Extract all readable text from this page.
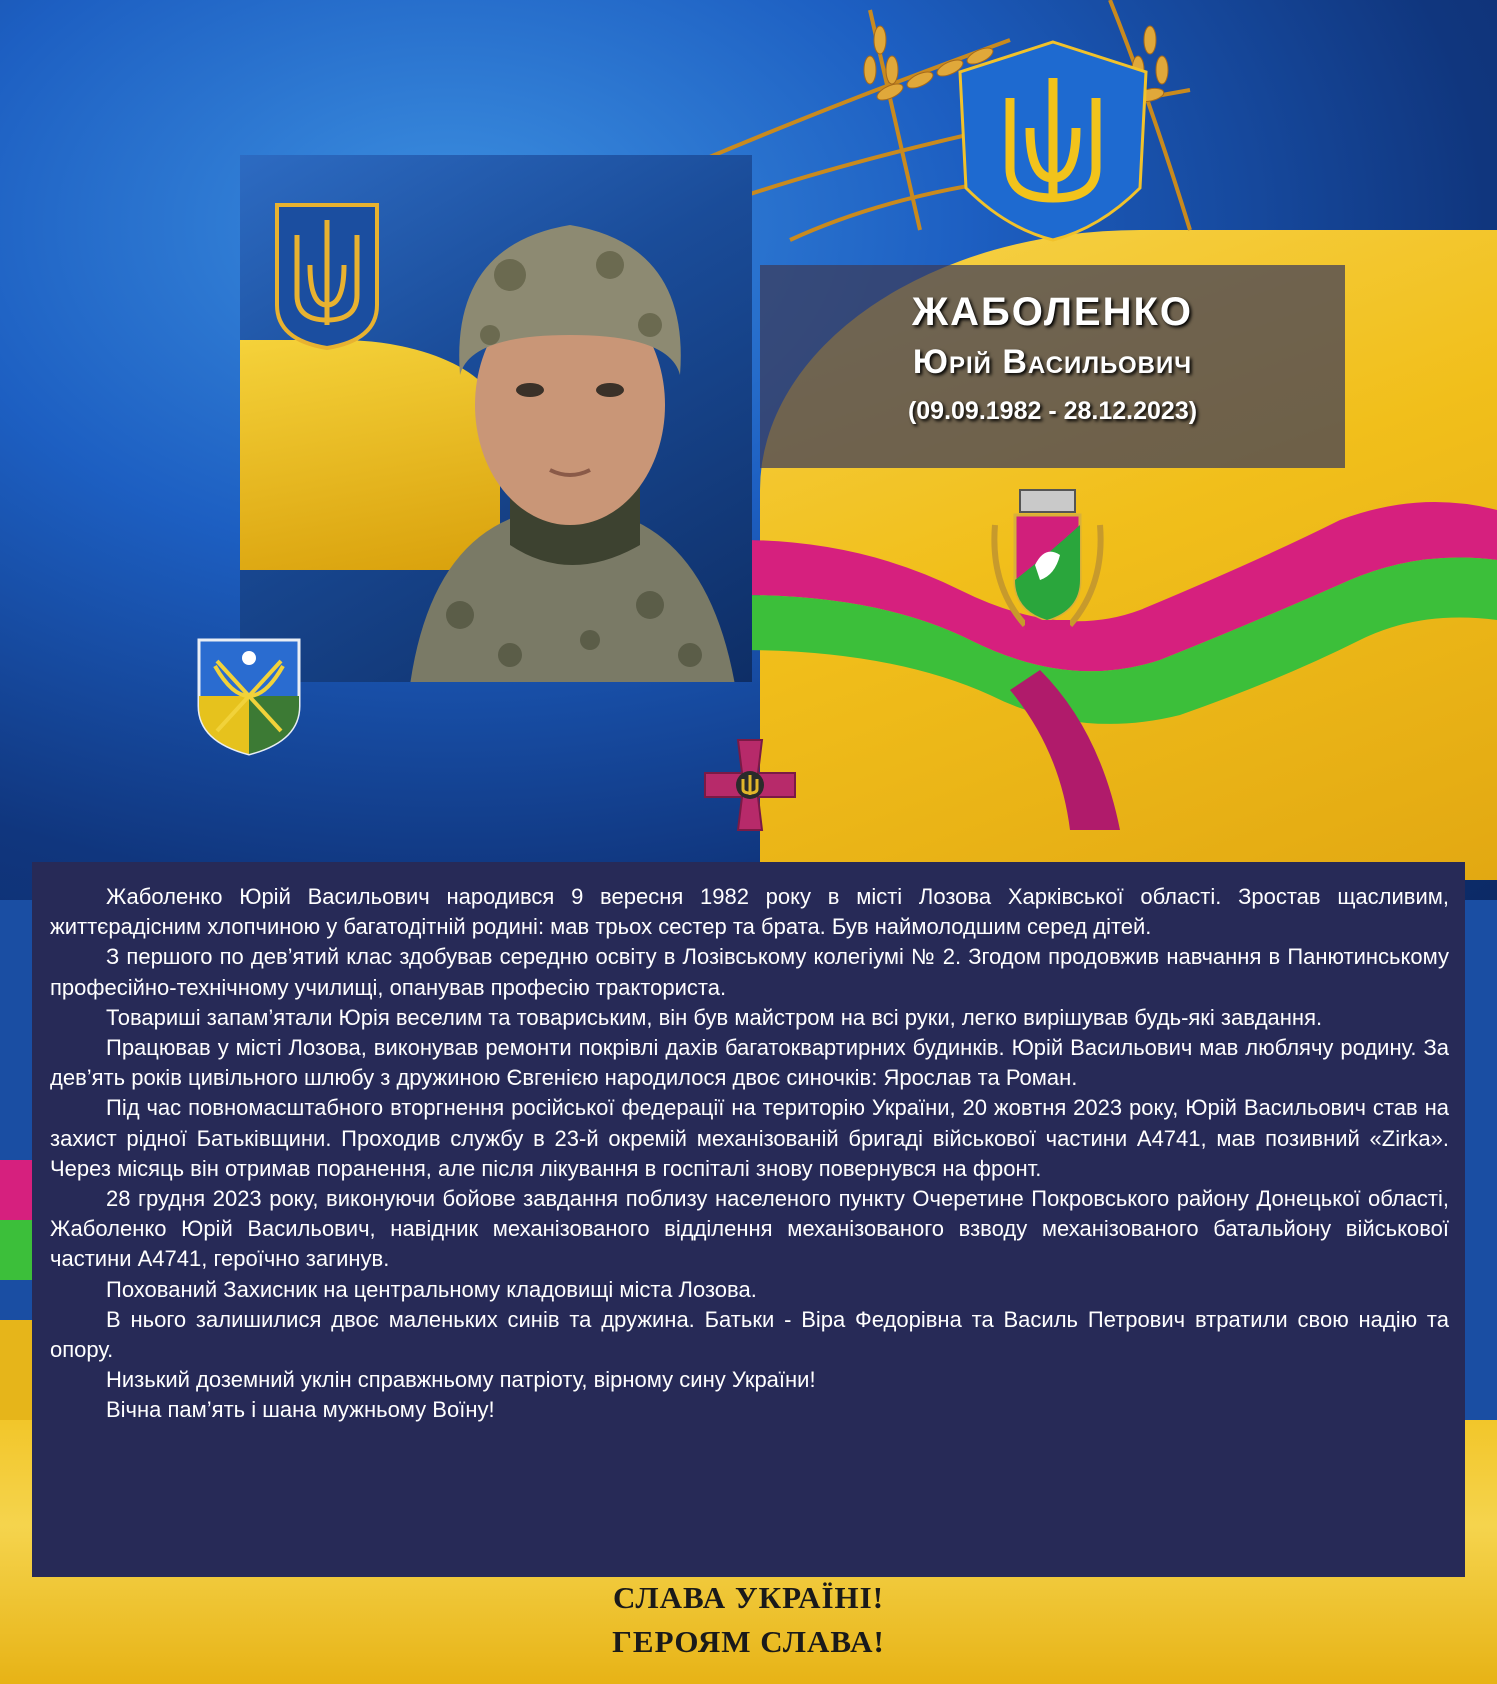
ЖАБОЛЕНКО
Юрій Васильович
(09.09.1982 - 28.12.2023)

Жаболенко Юрій Васильович народився 9 вересня 1982 року в місті Лозова Харківської області. Зростав щасливим, життєрадісним хлопчиною у багатодітній родині: мав трьох сестер та брата. Був наймолодшим серед дітей.

З першого по дев’ятий клас здобував середню освіту в Лозівському колегіумі № 2. Згодом продовжив навчання в Панютинському професійно-технічному училищі, опанував професію тракториста.

Товариші запам’ятали Юрія веселим та товариським, він був майстром на всі руки, легко вирішував будь-які завдання.

Працював у місті Лозова, виконував ремонти покрівлі дахів багатоквартирних будинків. Юрій Васильович мав люблячу родину. За дев’ять років цивільного шлюбу з дружиною Євгенією народилося двоє синочків: Ярослав та Роман.

Під час повномасштабного вторгнення російської федерації на територію України, 20 жовтня 2023 року, Юрій Васильович став на захист рідної Батьківщини. Проходив службу в 23-й окремій механізованій бригаді військової частини А4741, мав позивний «Zirka». Через місяць він отримав поранення, але після лікування в госпіталі знову повернувся на фронт.

28 грудня 2023 року, виконуючи бойове завдання поблизу населеного пункту Очеретине Покровського району Донецької області, Жаболенко Юрій Васильович, навідник механізованого відділення механізованого взводу механізованого батальйону військової частини А4741, героїчно загинув.

Похований Захисник на центральному кладовищі міста Лозова.

В нього залишилися двоє маленьких синів та дружина. Батьки - Віра Федорівна та Василь Петрович втратили свою надію та опору.

Низький доземний уклін справжньому патріоту, вірному сину України!

Вічна пам’ять і шана мужньому Воїну!

СЛАВА УКРАЇНІ!
ГЕРОЯМ СЛАВА!
